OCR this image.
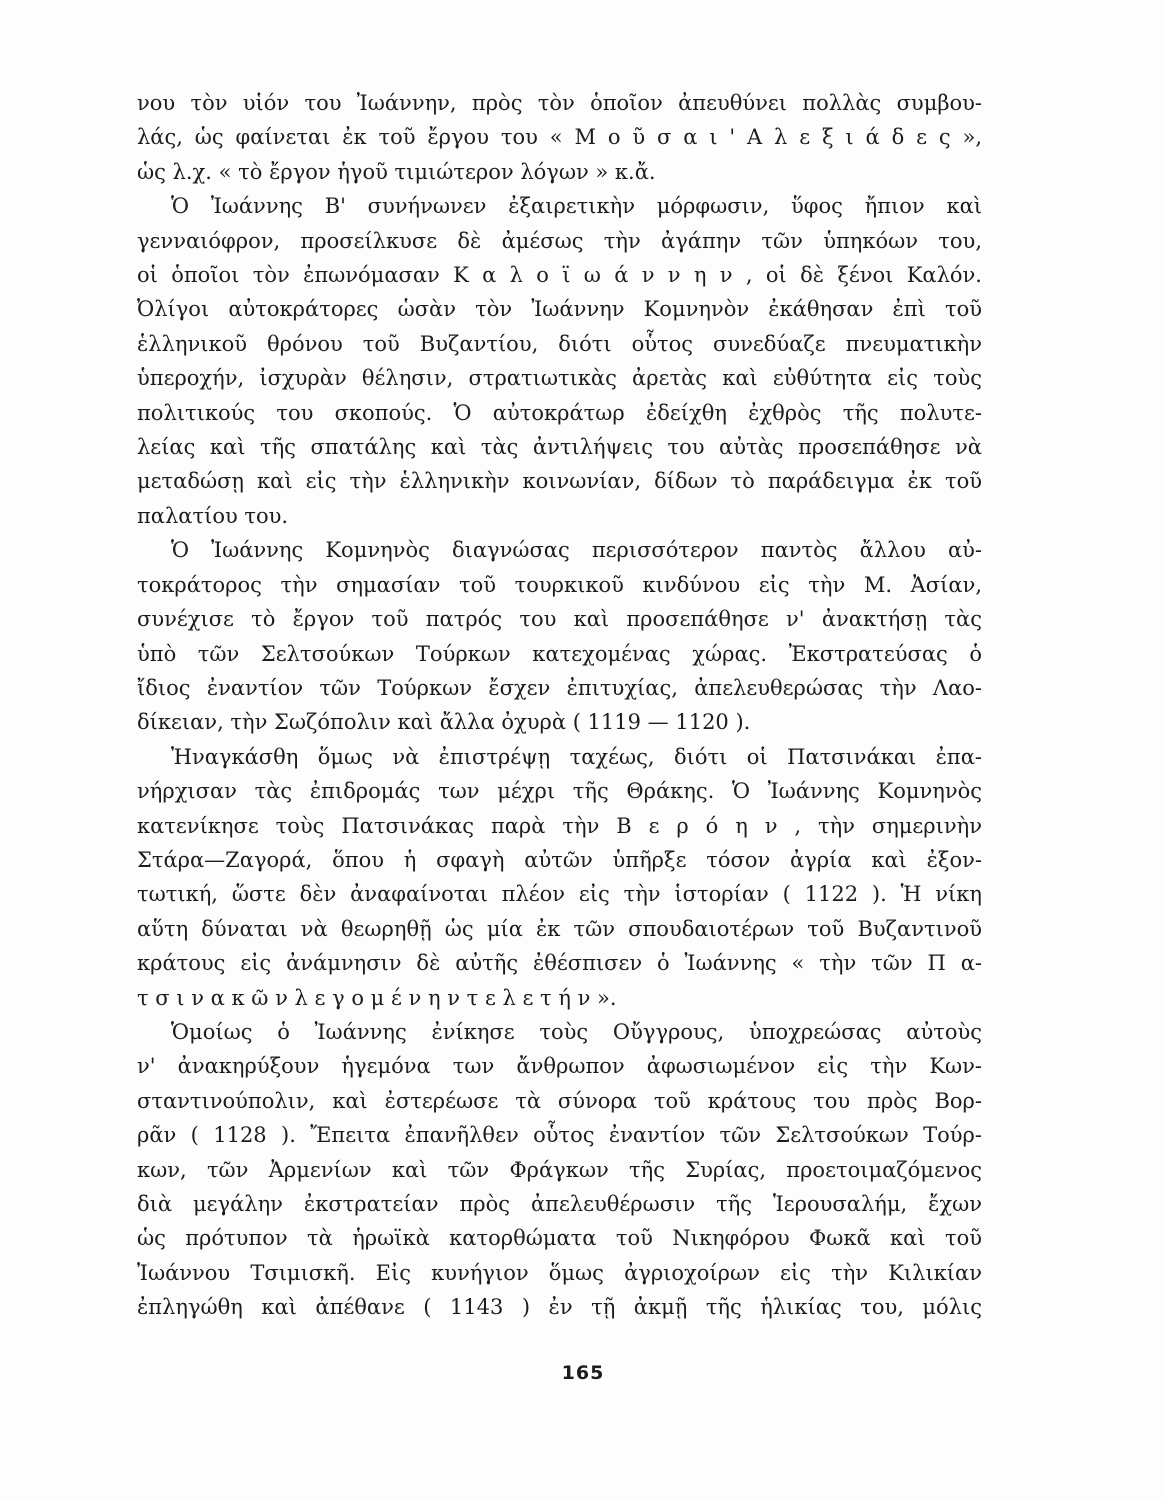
νου τὸν υἱόν του Ἰωάννην, πρὸς τὸν ὁποῖον ἀπευθύνει πολλὰς συμβου-
λάς, ὡς φαίνεται ἐκ τοῦ ἔργου του « Μ ο ῦ σ α ι ' Α λ ε ξ ι ά δ ε ς »,
ὡς λ.χ. « τὸ ἔργον ἡγοῦ τιμιώτερον λόγων » κ.ἄ.

Ὁ Ἰωάννης Β' συνήνωνεν ἐξαιρετικὴν μόρφωσιν, ὕφος ἤπιον καὶ
γενναιόφρον, προσείλκυσε δὲ ἀμέσως τὴν ἀγάπην τῶν ὑπηκόων του,
οἱ ὁποῖοι τὸν ἐπωνόμασαν Κ α λ ο ϊ ω ά ν ν η ν , οἱ δὲ ξένοι Καλόν.
Ὀλίγοι αὐτοκράτορες ὡσὰν τὸν Ἰωάννην Κομνηνὸν ἐκάθησαν ἐπὶ τοῦ
ἑλληνικοῦ θρόνου τοῦ Βυζαντίου, διότι οὗτος συνεδύαζε πνευματικὴν
ὑπεροχήν, ἰσχυρὰν θέλησιν, στρατιωτικὰς ἀρετὰς καὶ εὐθύτητα εἰς τοὺς
πολιτικούς του σκοπούς. Ὁ αὐτοκράτωρ ἐδείχθη ἐχθρὸς τῆς πολυτε-
λείας καὶ τῆς σπατάλης καὶ τὰς ἀντιλήψεις του αὐτὰς προσεπάθησε νὰ
μεταδώσῃ καὶ εἰς τὴν ἑλληνικὴν κοινωνίαν, δίδων τὸ παράδειγμα ἐκ τοῦ
παλατίου του.

Ὁ Ἰωάννης Κομνηνὸς διαγνώσας περισσότερον παντὸς ἄλλου αὐ-
τοκράτορος τὴν σημασίαν τοῦ τουρκικοῦ κινδύνου εἰς τὴν Μ. Ἀσίαν,
συνέχισε τὸ ἔργον τοῦ πατρός του καὶ προσεπάθησε ν' ἀνακτήσῃ τὰς
ὑπὸ τῶν Σελτσούκων Τούρκων κατεχομένας χώρας. Ἐκστρατεύσας ὁ
ἴδιος ἐναντίον τῶν Τούρκων ἔσχεν ἐπιτυχίας, ἀπελευθερώσας τὴν Λαο-
δίκειαν, τὴν Σωζόπολιν καὶ ἄλλα ὀχυρὰ ( 1119 — 1120 ).

Ἠναγκάσθη ὅμως νὰ ἐπιστρέψῃ ταχέως, διότι οἱ Πατσινάκαι ἐπα-
νήρχισαν τὰς ἐπιδρομάς των μέχρι τῆς Θράκης. Ὁ Ἰωάννης Κομνηνὸς
κατενίκησε τοὺς Πατσινάκας παρὰ τὴν Β ε ρ ό η ν , τὴν σημερινὴν
Στάρα—Ζαγορά, ὅπου ἡ σφαγὴ αὐτῶν ὑπῆρξε τόσον ἀγρία καὶ ἐξον-
τωτική, ὥστε δὲν ἀναφαίνοται πλέον εἰς τὴν ἱστορίαν ( 1122 ). Ἡ νίκη
αὕτη δύναται νὰ θεωρηθῇ ὡς μία ἐκ τῶν σπουδαιοτέρων τοῦ Βυζαντινοῦ
κράτους εἰς ἀνάμνησιν δὲ αὐτῆς ἐθέσπισεν ὁ Ἰωάννης « τὴν τῶν Π α-
τ σ ι ν α κ ῶ ν λ ε γ ο μ έ ν η ν τ ε λ ε τ ή ν ».

Ὁμοίως ὁ Ἰωάννης ἐνίκησε τοὺς Οὔγγρους, ὑποχρεώσας αὐτοὺς
ν' ἀνακηρύξουν ἡγεμόνα των ἄνθρωπον ἀφωσιωμένον εἰς τὴν Κων-
σταντινούπολιν, καὶ ἐστερέωσε τὰ σύνορα τοῦ κράτους του πρὸς Βορ-
ρᾶν ( 1128 ). Ἔπειτα ἐπανῆλθεν οὗτος ἐναντίον τῶν Σελτσούκων Τούρ-
κων, τῶν Ἀρμενίων καὶ τῶν Φράγκων τῆς Συρίας, προετοιμαζόμενος
διὰ μεγάλην ἐκστρατείαν πρὸς ἀπελευθέρωσιν τῆς Ἱερουσαλήμ, ἔχων
ὡς πρότυπον τὰ ἡρωϊκὰ κατορθώματα τοῦ Νικηφόρου Φωκᾶ καὶ τοῦ
Ἰωάννου Τσιμισκῆ. Εἰς κυνήγιον ὅμως ἀγριοχοίρων εἰς τὴν Κιλικίαν
ἐπληγώθη καὶ ἀπέθανε ( 1143 ) ἐν τῇ ἀκμῇ τῆς ἡλικίας του, μόλις

165
